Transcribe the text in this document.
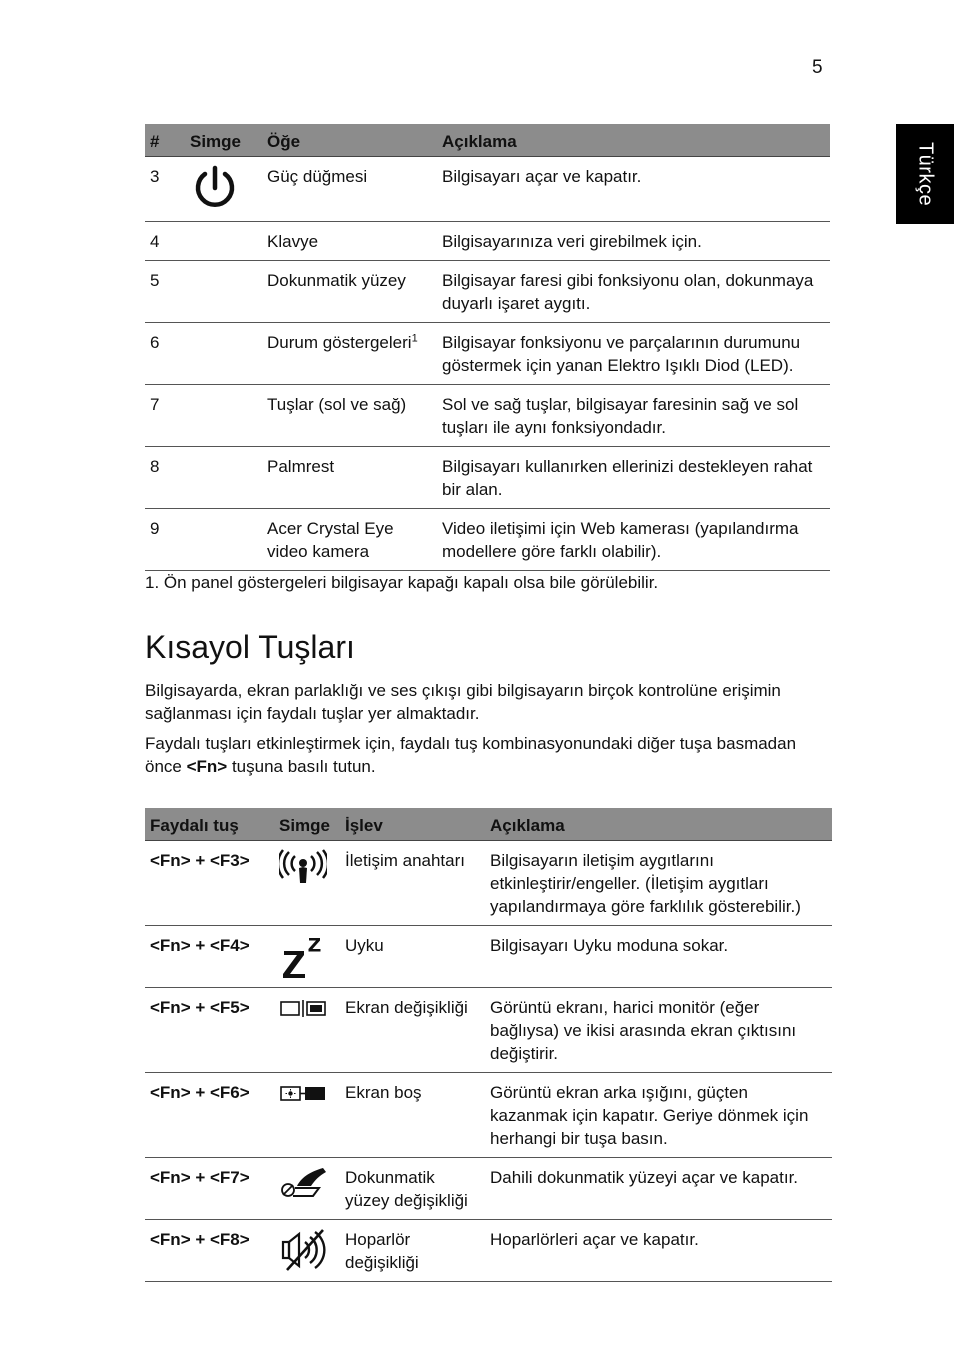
5
Türkçe
#	Simge	Öğe	Açıklama
3		Güç düğmesi	Bilgisayarı açar ve kapatır.
4		Klavye	Bilgisayarınıza veri girebilmek için.
5		Dokunmatik yüzey	Bilgisayar faresi gibi fonksiyonu olan, dokunmaya duyarlı işaret aygıtı.
6		Durum göstergeleri$^1$	Bilgisayar fonksiyonu ve parçalarının durumunu göstermek için yanan Elektro Işıklı Diod (LED).
7		Tuşlar (sol ve sağ)	Sol ve sağ tuşlar, bilgisayar faresinin sağ ve sol tuşları ile aynı fonksiyondadır.
8		Palmrest	Bilgisayarı kullanırken ellerinizi destekleyen rahat bir alan.
9		Acer Crystal Eye video kamera	Video iletişimi için Web kamerası (yapılandırma modellere göre farklı olabilir).
1. Ön panel göstergeleri bilgisayar kapağı kapalı olsa bile görülebilir.
Kısayol Tuşları

Bilgisayarda, ekran parlaklığı ve ses çıkışı gibi bilgisayarın birçok kontrolüne erişimin sağlanması için faydalı tuşlar yer almaktadır.

Faydalı tuşları etkinleştirmek için, faydalı tuş kombinasyonundaki diğer tuşa basmadan önce <Fn> tuşuna basılı tutun.

Faydalı tuş	Simge	İşlev	Açıklama
<Fn> + <F3>		İletişim anahtarı	Bilgisayarın iletişim aygıtlarını etkinleştirir/engeller. (İletişim aygıtları yapılandırmaya göre farklılık gösterebilir.)
<Fn> + <F4>		Uyku	Bilgisayarı Uyku moduna sokar.
<Fn> + <F5>		Ekran değişikliği	Görüntü ekranı, harici monitör (eğer bağlıysa) ve ikisi arasında ekran çıktısını değiştirir.
<Fn> + <F6>		Ekran boş	Görüntü ekran arka ışığını, güçten kazanmak için kapatır. Geriye dönmek için herhangi bir tuşa basın.
<Fn> + <F7>		Dokunmatik yüzey değişikliği	Dahili dokunmatik yüzeyi açar ve kapatır.
<Fn> + <F8>		Hoparlör değişikliği	Hoparlörleri açar ve kapatır.
